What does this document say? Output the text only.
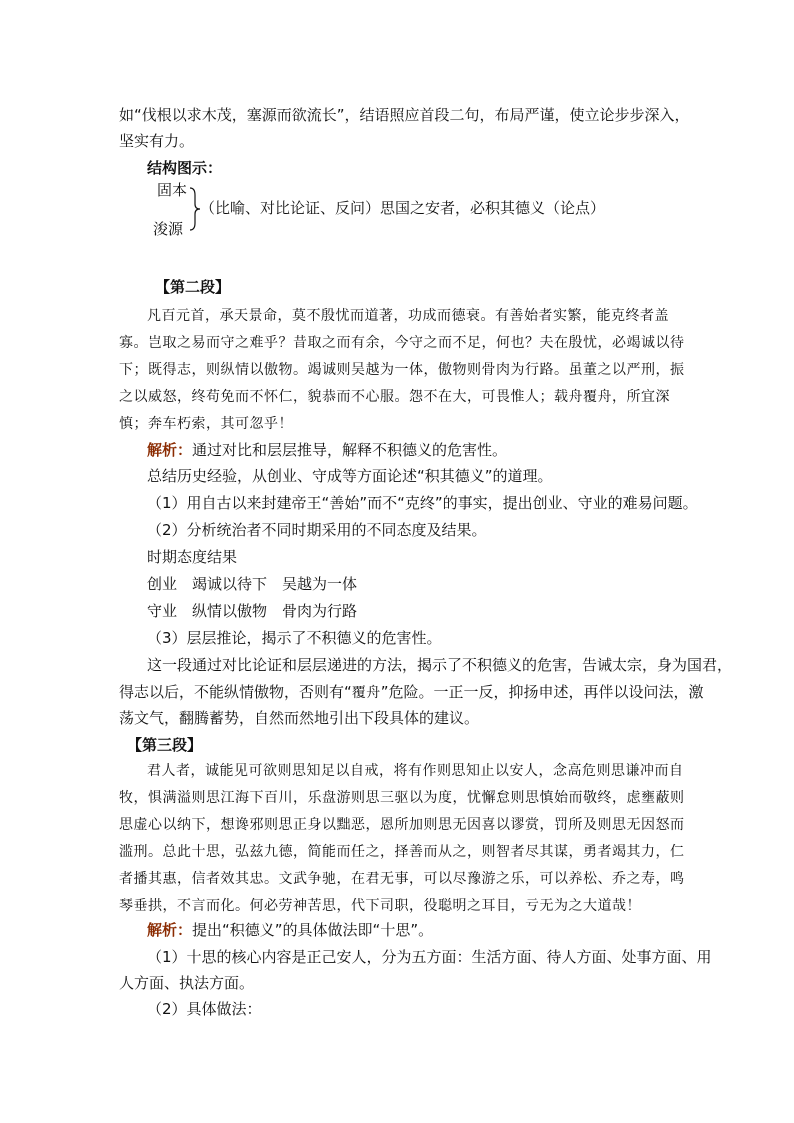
如“伐根以求木茂，塞源而欲流长”，结语照应首段二句，布局严谨，使立论步步深入，
坚实有力。
结构图示：
固本
浚源
（比喻、对比论证、反问）思国之安者，必积其德义（论点）
【第二段】
凡百元首，承天景命，莫不殷忧而道著，功成而德衰。有善始者实繁，能克终者盖
寡。岂取之易而守之难乎？昔取之而有余，今守之而不足，何也？夫在殷忧，必竭诚以待
下；既得志，则纵情以傲物。竭诚则吴越为一体，傲物则骨肉为行路。虽董之以严刑，振
之以威怒，终苟免而不怀仁，貌恭而不心服。怨不在大，可畏惟人；载舟覆舟，所宜深
慎；奔车朽索，其可忽乎！
解析：通过对比和层层推导，解释不积德义的危害性。
总结历史经验，从创业、守成等方面论述“积其德义”的道理。
（1）用自古以来封建帝王“善始”而不“克终”的事实，提出创业、守业的难易问题。
（2）分析统治者不同时期采用的不同态度及结果。
时期态度结果
创业　竭诚以待下　吴越为一体
守业　纵情以傲物　骨肉为行路
（3）层层推论，揭示了不积德义的危害性。
这一段通过对比论证和层层递进的方法，揭示了不积德义的危害，告诫太宗，身为国君，
得志以后，不能纵情傲物，否则有“覆舟”危险。一正一反，抑扬申述，再伴以设问法，激
荡文气，翻腾蓄势，自然而然地引出下段具体的建议。
【第三段】
君人者，诚能见可欲则思知足以自戒，将有作则思知止以安人，念高危则思谦冲而自
牧，惧满溢则思江海下百川，乐盘游则思三驱以为度，忧懈怠则思慎始而敬终，虑壅蔽则
思虚心以纳下，想谗邪则思正身以黜恶，恩所加则思无因喜以谬赏，罚所及则思无因怒而
滥刑。总此十思，弘兹九德，简能而任之，择善而从之，则智者尽其谋，勇者竭其力，仁
者播其惠，信者效其忠。文武争驰，在君无事，可以尽豫游之乐，可以养松、乔之寿，鸣
琴垂拱，不言而化。何必劳神苦思，代下司职，役聪明之耳目，亏无为之大道哉！
解析：提出“积德义”的具体做法即“十思”。
（1）十思的核心内容是正己安人，分为五方面：生活方面、待人方面、处事方面、用
人方面、执法方面。
（2）具体做法：
